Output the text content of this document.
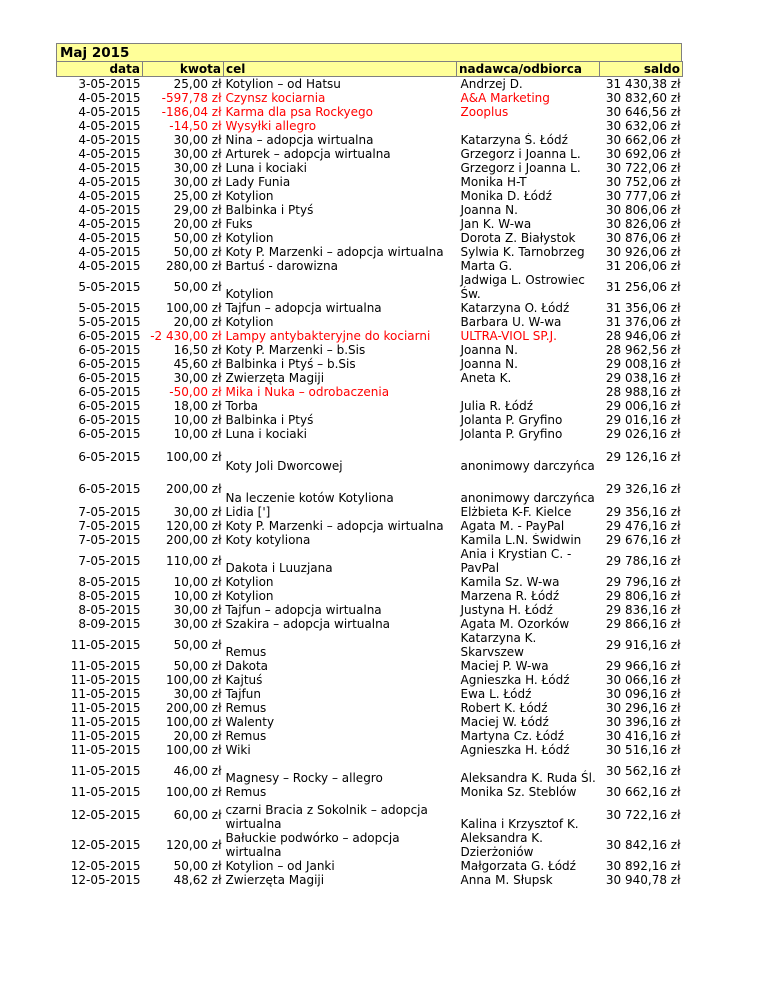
Maj 2015
data	kwota	cel	nadawca/odbiorca	saldo
3-05-2015	25,00 zł	Kotylion – od Hatsu	Andrzej D.	31 430,38 zł
4-05-2015	-597,78 zł	Czynsz kociarnia	A&A Marketing	30 832,60 zł
4-05-2015	-186,04 zł	Karma dla psa Rockyego	Zooplus	30 646,56 zł
4-05-2015	-14,50 zł	Wysyłki allegro		30 632,06 zł
4-05-2015	30,00 zł	Nina – adopcja wirtualna	Katarzyna Ś. Łódź	30 662,06 zł
4-05-2015	30,00 zł	Arturek – adopcja wirtualna	Grzegorz i Joanna L.	30 692,06 zł
4-05-2015	30,00 zł	Luna i kociaki	Grzegorz i Joanna L.	30 722,06 zł
4-05-2015	30,00 zł	Lady Funia	Monika H-T	30 752,06 zł
4-05-2015	25,00 zł	Kotylion	Monika D. Łódź	30 777,06 zł
4-05-2015	29,00 zł	Balbinka i Ptyś	Joanna N.	30 806,06 zł
4-05-2015	20,00 zł	Fuks	Jan K. W-wa	30 826,06 zł
4-05-2015	50,00 zł	Kotylion	Dorota Z. Białystok	30 876,06 zł
4-05-2015	50,00 zł	Koty P. Marzenki – adopcja wirtualna	Sylwia K. Tarnobrzeg	30 926,06 zł
4-05-2015	280,00 zł	Bartuś - darowizna	Marta G.	31 206,06 zł
5-05-2015	50,00 zł	Kotylion	Jadwiga L. Ostrowiec Św.	31 256,06 zł
5-05-2015	100,00 zł	Tajfun – adopcja wirtualna	Katarzyna O. Łódź	31 356,06 zł
5-05-2015	20,00 zł	Kotylion	Barbara U. W-wa	31 376,06 zł
6-05-2015	-2 430,00 zł	Lampy antybakteryjne do kociarni	ULTRA-VIOL SP.J.	28 946,06 zł
6-05-2015	16,50 zł	Koty P. Marzenki – b.Sis	Joanna N.	28 962,56 zł
6-05-2015	45,60 zł	Balbinka i Ptyś – b.Sis	Joanna N.	29 008,16 zł
6-05-2015	30,00 zł	Zwierzęta Magiji	Aneta K.	29 038,16 zł
6-05-2015	-50,00 zł	Mika i Nuka – odrobaczenia		28 988,16 zł
6-05-2015	18,00 zł	Torba	Julia R. Łódź	29 006,16 zł
6-05-2015	10,00 zł	Balbinka i Ptyś	Jolanta P. Gryfino	29 016,16 zł
6-05-2015	10,00 zł	Luna i kociaki	Jolanta P. Gryfino	29 026,16 zł
6-05-2015	100,00 zł	Koty Joli Dworcowej	anonimowy darczyńca	29 126,16 zł
6-05-2015	200,00 zł	Na leczenie kotów Kotyliona	anonimowy darczyńca	29 326,16 zł
7-05-2015	30,00 zł	Lidia [']	Elżbieta K-F. Kielce	29 356,16 zł
7-05-2015	120,00 zł	Koty P. Marzenki – adopcja wirtualna	Agata M. - PayPal	29 476,16 zł
7-05-2015	200,00 zł	Koty kotyliona	Kamila L.N. Świdwin	29 676,16 zł
7-05-2015	110,00 zł	Dakota i Luuzjana	Ania i Krystian C. - PavPal	29 786,16 zł
8-05-2015	10,00 zł	Kotylion	Kamila Sz. W-wa	29 796,16 zł
8-05-2015	10,00 zł	Kotylion	Marzena R. Łódź	29 806,16 zł
8-05-2015	30,00 zł	Tajfun – adopcja wirtualna	Justyna H. Łódź	29 836,16 zł
8-09-2015	30,00 zł	Szakira – adopcja wirtualna	Agata M. Ozorków	29 866,16 zł
11-05-2015	50,00 zł	Remus	Katarzyna K. Skarvszew	29 916,16 zł
11-05-2015	50,00 zł	Dakota	Maciej P. W-wa	29 966,16 zł
11-05-2015	100,00 zł	Kajtuś	Agnieszka H. Łódź	30 066,16 zł
11-05-2015	30,00 zł	Tajfun	Ewa L. Łódź	30 096,16 zł
11-05-2015	200,00 zł	Remus	Robert K. Łódź	30 296,16 zł
11-05-2015	100,00 zł	Walenty	Maciej W. Łódź	30 396,16 zł
11-05-2015	20,00 zł	Remus	Martyna Cz. Łódź	30 416,16 zł
11-05-2015	100,00 zł	Wiki	Agnieszka H. Łódź	30 516,16 zł
11-05-2015	46,00 zł	Magnesy – Rocky – allegro	Aleksandra K. Ruda Śl.	30 562,16 zł
11-05-2015	100,00 zł	Remus	Monika Sz. Steblów	30 662,16 zł
12-05-2015	60,00 zł	czarni Bracia z Sokolnik – adopcja wirtualna	Kalina i Krzysztof K.	30 722,16 zł
12-05-2015	120,00 zł	Bałuckie podwórko – adopcja wirtualna	Aleksandra K. Dzierżoniów	30 842,16 zł
12-05-2015	50,00 zł	Kotylion – od Janki	Małgorzata G. Łódź	30 892,16 zł
12-05-2015	48,62 zł	Zwierzęta Magiji	Anna M. Słupsk	30 940,78 zł
